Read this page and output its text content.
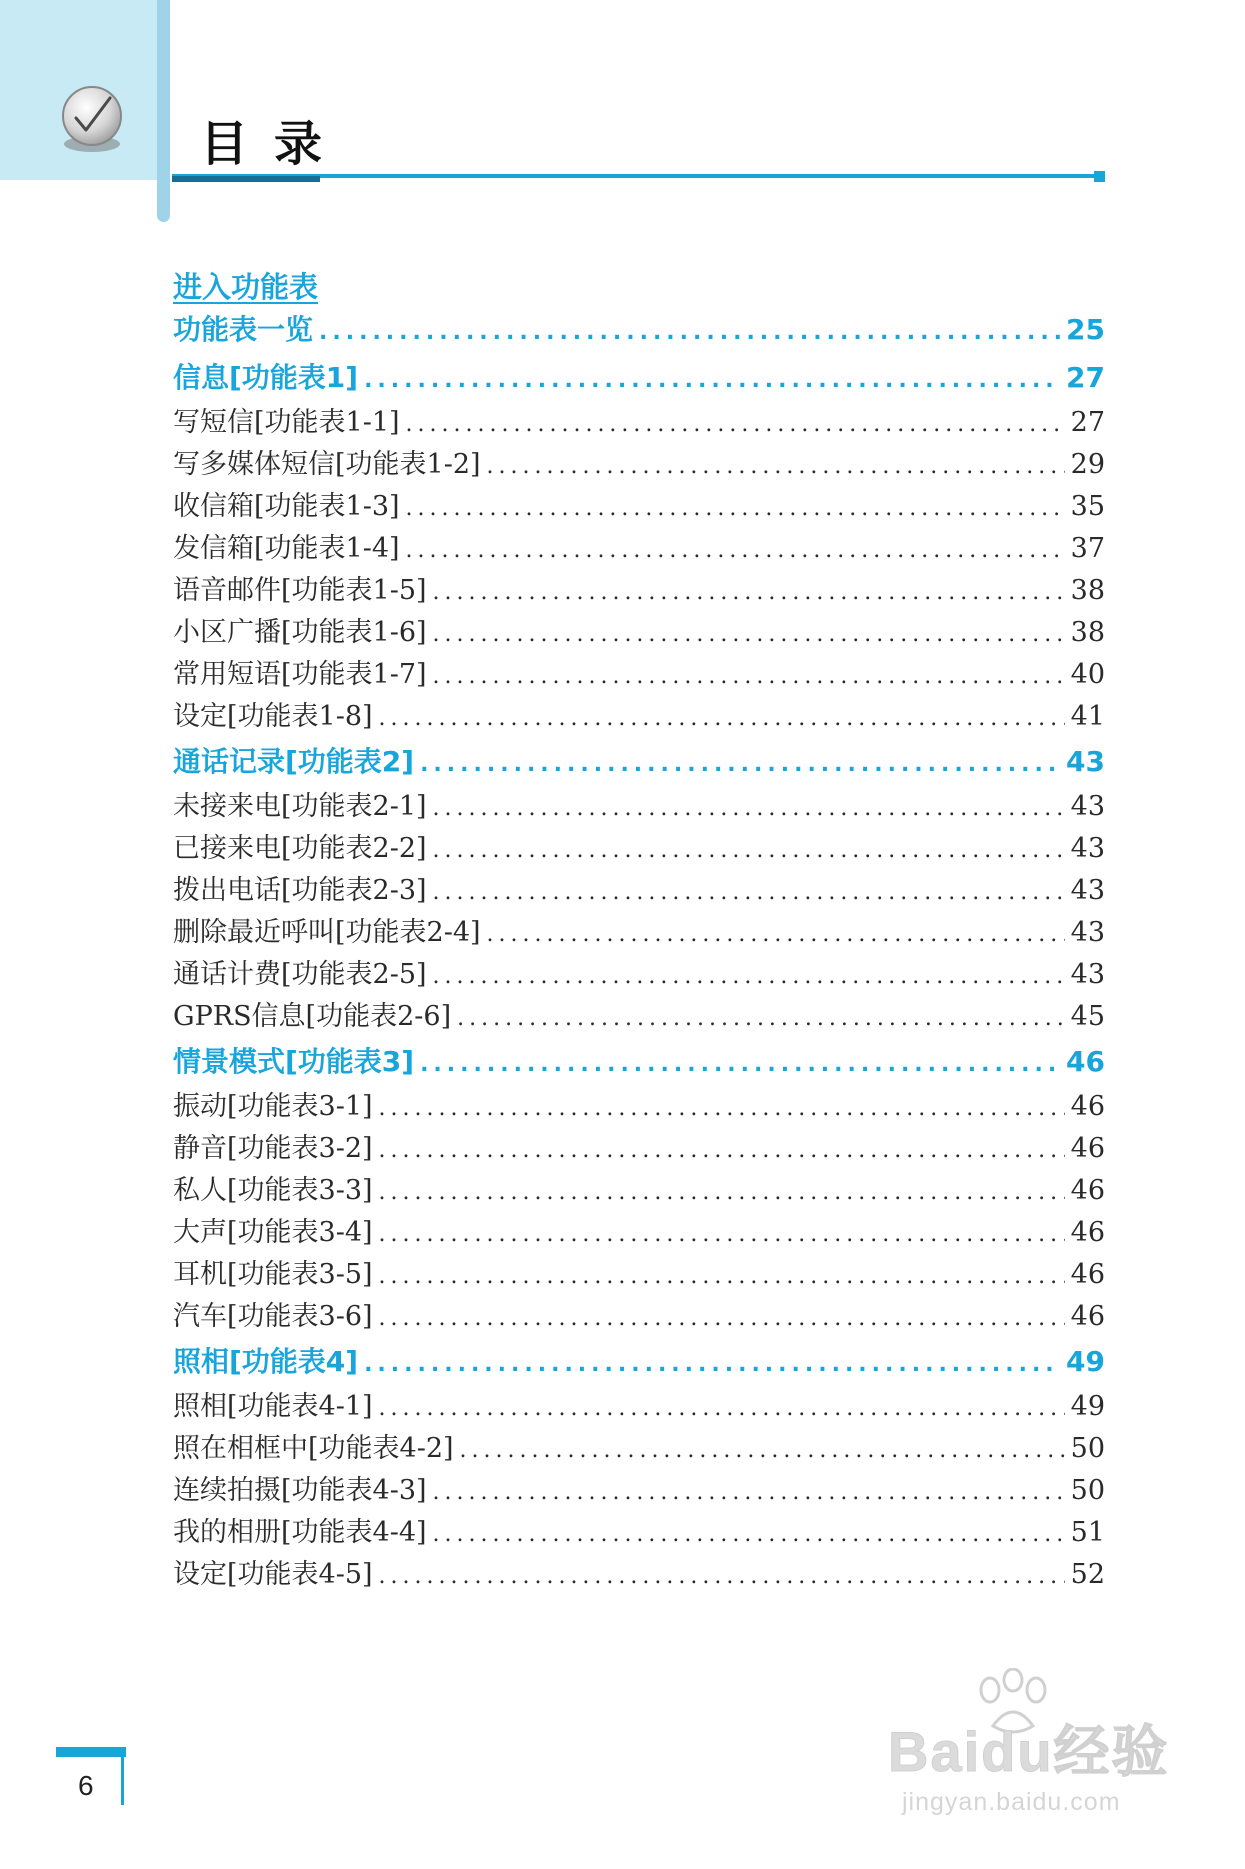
目录
进入功能表
功能表一览 .....	25
信息[功能表1] .....	27
写短信[功能表1-1] .....	27
写多媒体短信[功能表1-2] .....	29
收信箱[功能表1-3] .....	35
发信箱[功能表1-4] .....	37
语音邮件[功能表1-5] .....	38
小区广播[功能表1-6] .....	38
常用短语[功能表1-7] .....	40
设定[功能表1-8] .....	41
通话记录[功能表2] .....	43
未接来电[功能表2-1] .....	43
已接来电[功能表2-2] .....	43
拨出电话[功能表2-3] .....	43
删除最近呼叫[功能表2-4] .....	43
通话计费[功能表2-5] .....	43
GPRS信息[功能表2-6] .....	45
情景模式[功能表3] .....	46
振动[功能表3-1] .....	46
静音[功能表3-2] .....	46
私人[功能表3-3] .....	46
大声[功能表3-4] .....	46
耳机[功能表3-5] .....	46
汽车[功能表3-6] .....	46
照相[功能表4] .....	49
照相[功能表4-1] .....	49
照在相框中[功能表4-2] .....	50
连续拍摄[功能表4-3] .....	50
我的相册[功能表4-4] .....	51
设定[功能表4-5] .....	52
6
Baidu经验
jingyan.baidu.com
